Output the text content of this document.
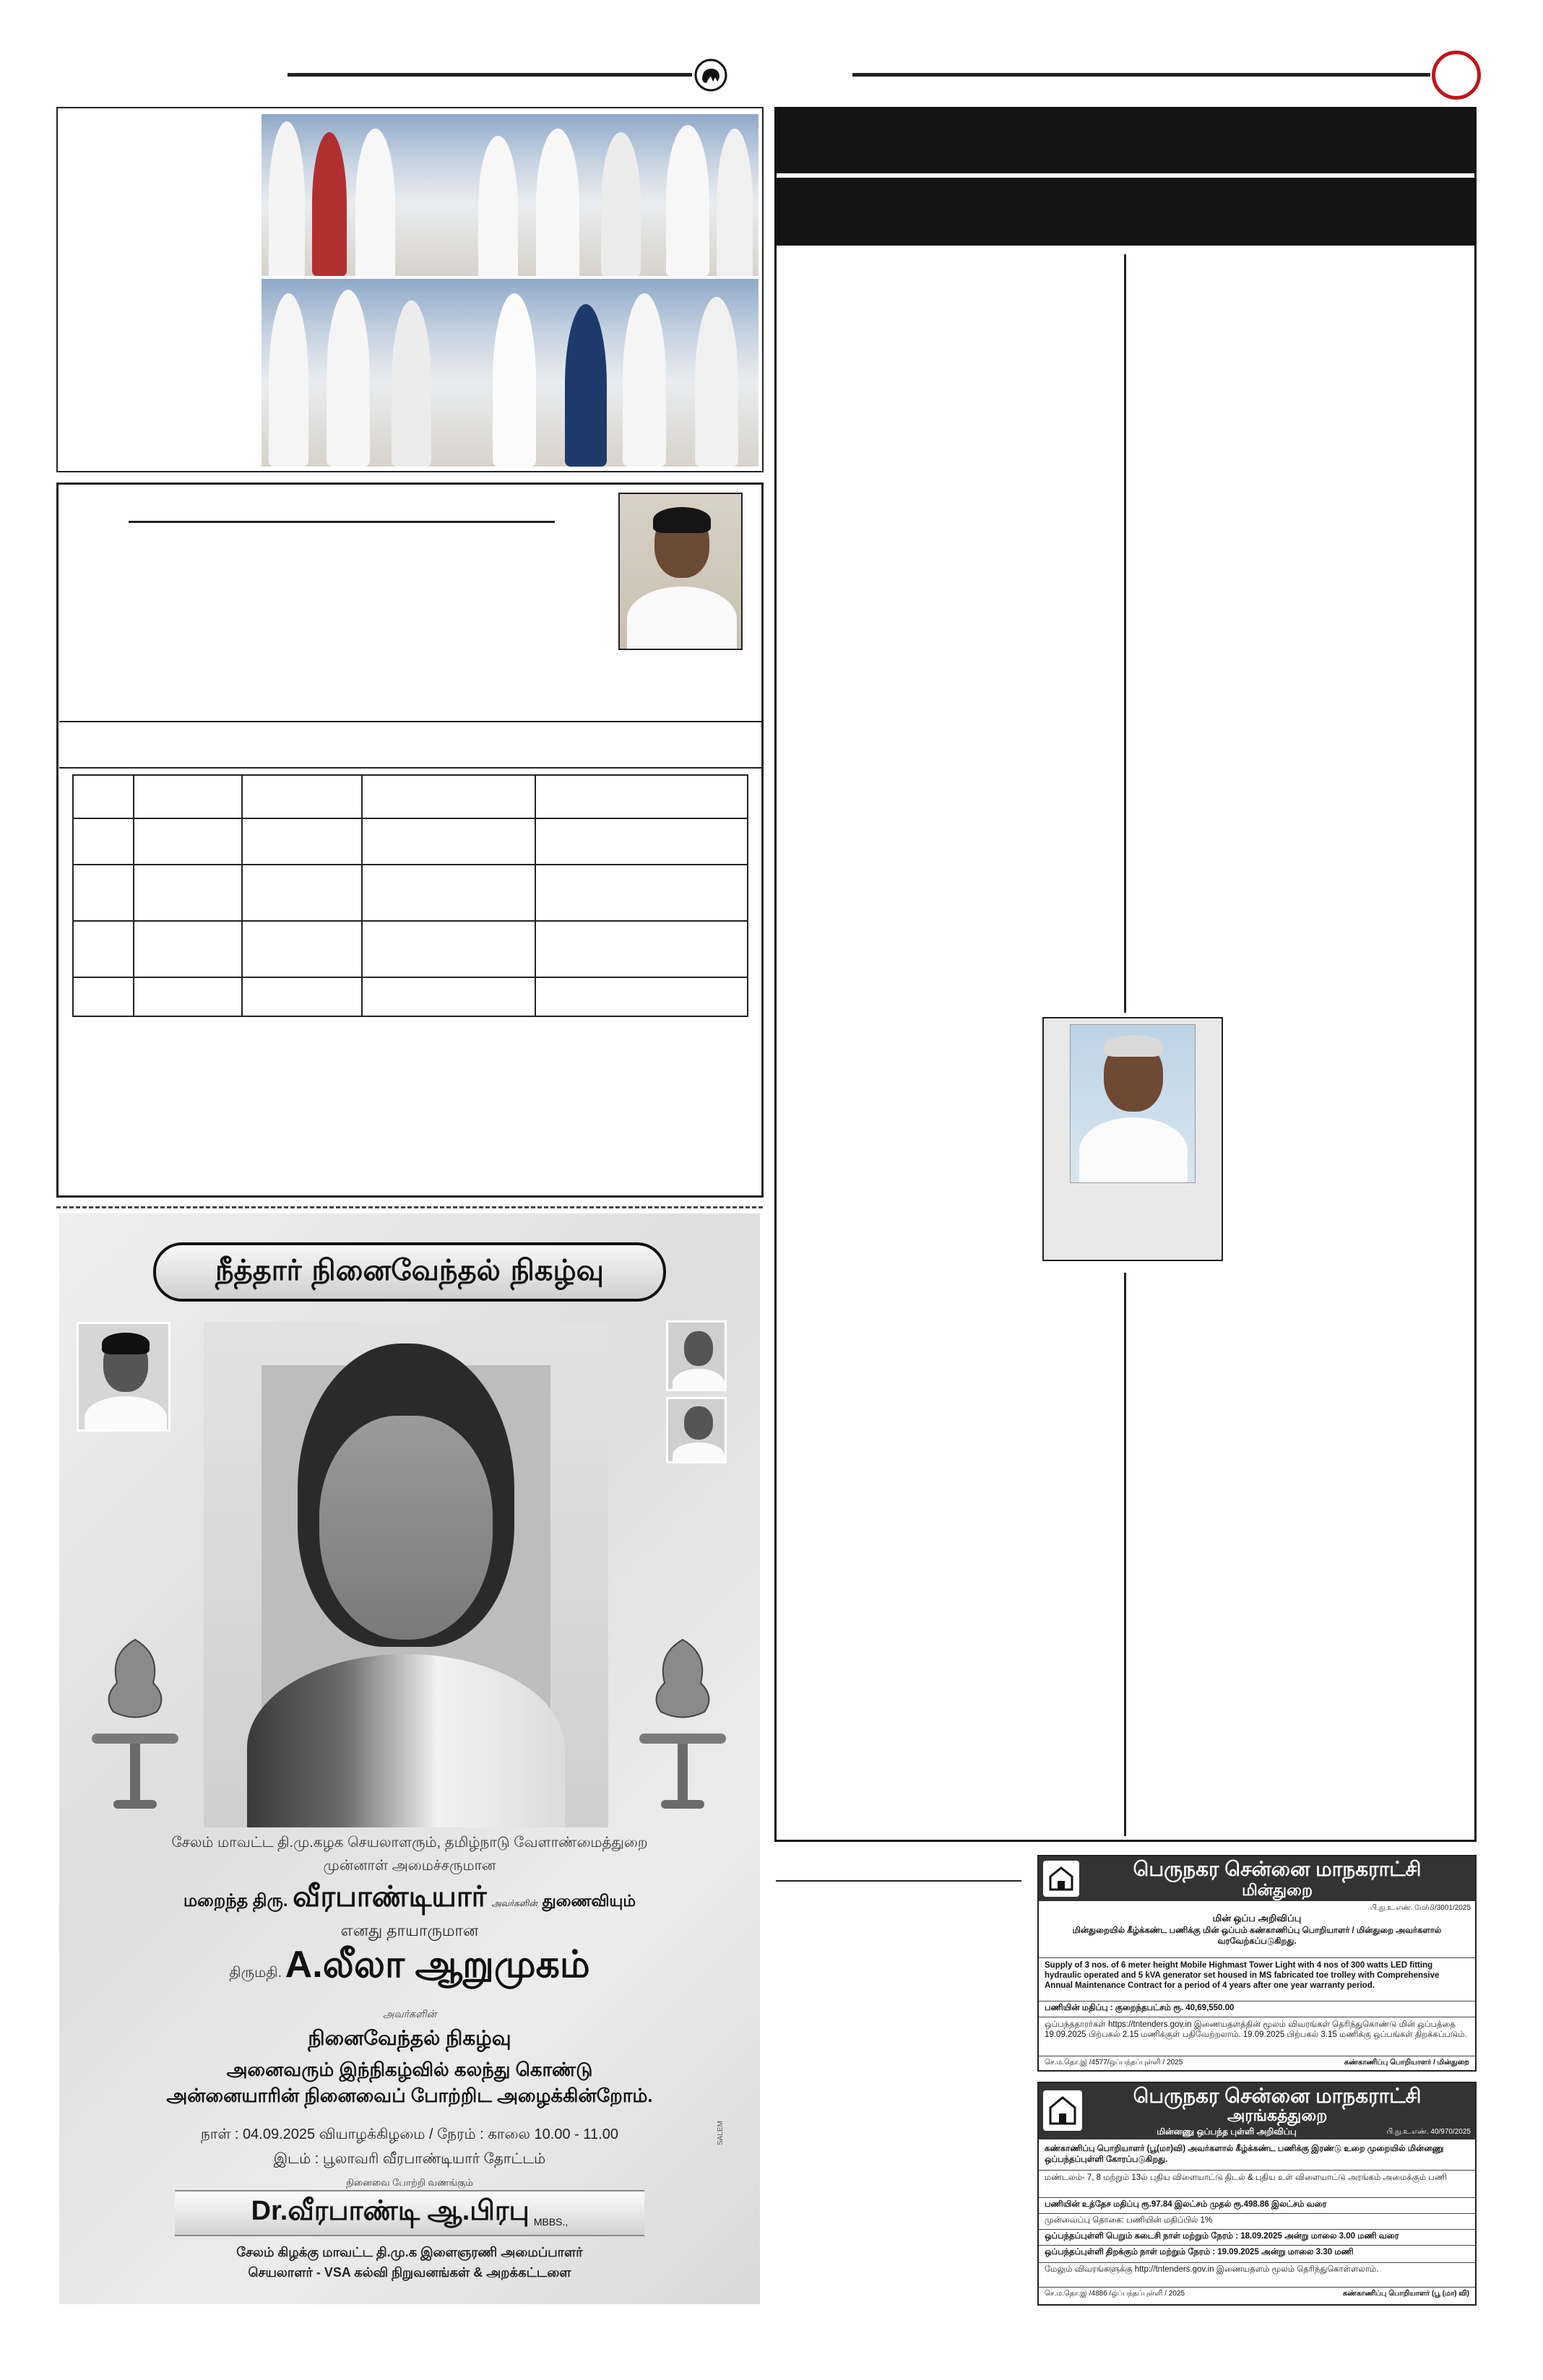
நீத்தார் நினைவேந்தல் நிகழ்வு
சேலம் மாவட்ட தி.மு.கழக செயலாளரும், தமிழ்நாடு வேளாண்மைத்துறை
முன்னாள் அமைச்சருமான
மறைந்த திரு. வீரபாண்டியார் அவர்களின் துணைவியும்
எனது தாயாருமான
திருமதி. A.லீலா ஆறுமுகம்
அவர்களின்
நினைவேந்தல் நிகழ்வு
அனைவரும் இந்நிகழ்வில் கலந்து கொண்டு
அன்னையாரின் நினைவைப் போற்றிட அழைக்கின்றோம்.
நாள் : 04.09.2025 வியாழக்கிழமை / நேரம் : காலை 10.00 - 11.00
இடம் : பூலாவரி வீரபாண்டியார் தோட்டம்
நினைவை போற்றி வணங்கும்
Dr.வீரபாண்டி ஆ.பிரபு MBBS.,
சேலம் கிழக்கு மாவட்ட தி.மு.க இளைஞரணி அமைப்பாளர்
செயலாளர் - VSA கல்வி நிறுவனங்கள் & அறக்கட்டளை
SALEM
பெருநகர சென்னை மாநகராட்சி
மின்துறை
பி.நு.உ.எண். மே/மி/3001/2025
மின் ஒப்ப அறிவிப்பு
மின்துறையில் கீழ்க்கண்ட பணிக்கு மின் ஒப்பம் கண்காணிப்பு பொறியாளர் / மின்துறை அவர்களால் வரவேற்கப்படுகிறது.
Supply of 3 nos. of 6 meter height Mobile Highmast Tower Light with 4 nos of 300 watts LED fitting hydraulic operated and 5 kVA generator set housed in MS fabricated toe trolley with Comprehensive Annual Maintenance Contract for a period of 4 years after one year warranty period.
பணியின் மதிப்பு : குறைந்தபட்சம் ரூ. 40,69,550.00
ஒப்பந்ததாரர்கள் https://tntenders.gov.in இணையதளத்தின் மூலம் விவரங்கள் தெரிந்துகொண்டு மின் ஒப்பத்தை 19.09.2025 பிற்பகல் 2.15 மணிக்குள் பதிவேற்றலாம். 19.09.2025 பிற்பகல் 3.15 மணிக்கு ஒப்பங்கள் திறக்கப்படும்.
செ.ம.தொ.இ /4577/ஒப்பந்தப்புள்ளி / 2025	கண்காணிப்பு பொறியாளர் / மின்துறை
பெருநகர சென்னை மாநகராட்சி
அரங்கத்துறை
மின்னணு ஒப்பந்த புள்ளி அறிவிப்பு	பி.நு.உ.எண். 40/970/2025
கண்காணிப்பு பொறியாளர் (பூ(மா)வி) அவர்களால் கீழ்க்கண்ட பணிக்கு இரண்டு உறை முறையில் மின்னணு ஒப்பந்தப்புள்ளி கோரப்படுகிறது.
மண்டலம்- 7, 8 மற்றும் 13ல் புதிய விளையாட்டு திடல் & புதிய உள் விளையாட்டு அரங்கம் அமைக்கும் பணி
பணியின் உத்தேச மதிப்பு ரூ.97.84 இலட்சம் முதல் ரூ.498.86 இலட்சம் வரை
முன்வைப்பு தொகை: பணியின் மதிப்பில் 1%
ஒப்பந்தப்புள்ளி பெறும் கடைசி நாள் மற்றும் நேரம் : 18.09.2025 அன்று மாலை 3.00 மணி வரை
ஒப்பந்தப்புள்ளி திறக்கும் நாள் மற்றும் நேரம் : 19.09.2025 அன்று மாலை 3.30 மணி
மேலும் விவரங்களுக்கு http://tntenders.gov.in இணையதளம் மூலம் தெரிந்துகொள்ளலாம்.
செ.ம.தொ.இ /4886 /ஒப்பந்தப்புள்ளி / 2025	கண்காணிப்பு பொறியாளர் (பூ (மா) வி)
